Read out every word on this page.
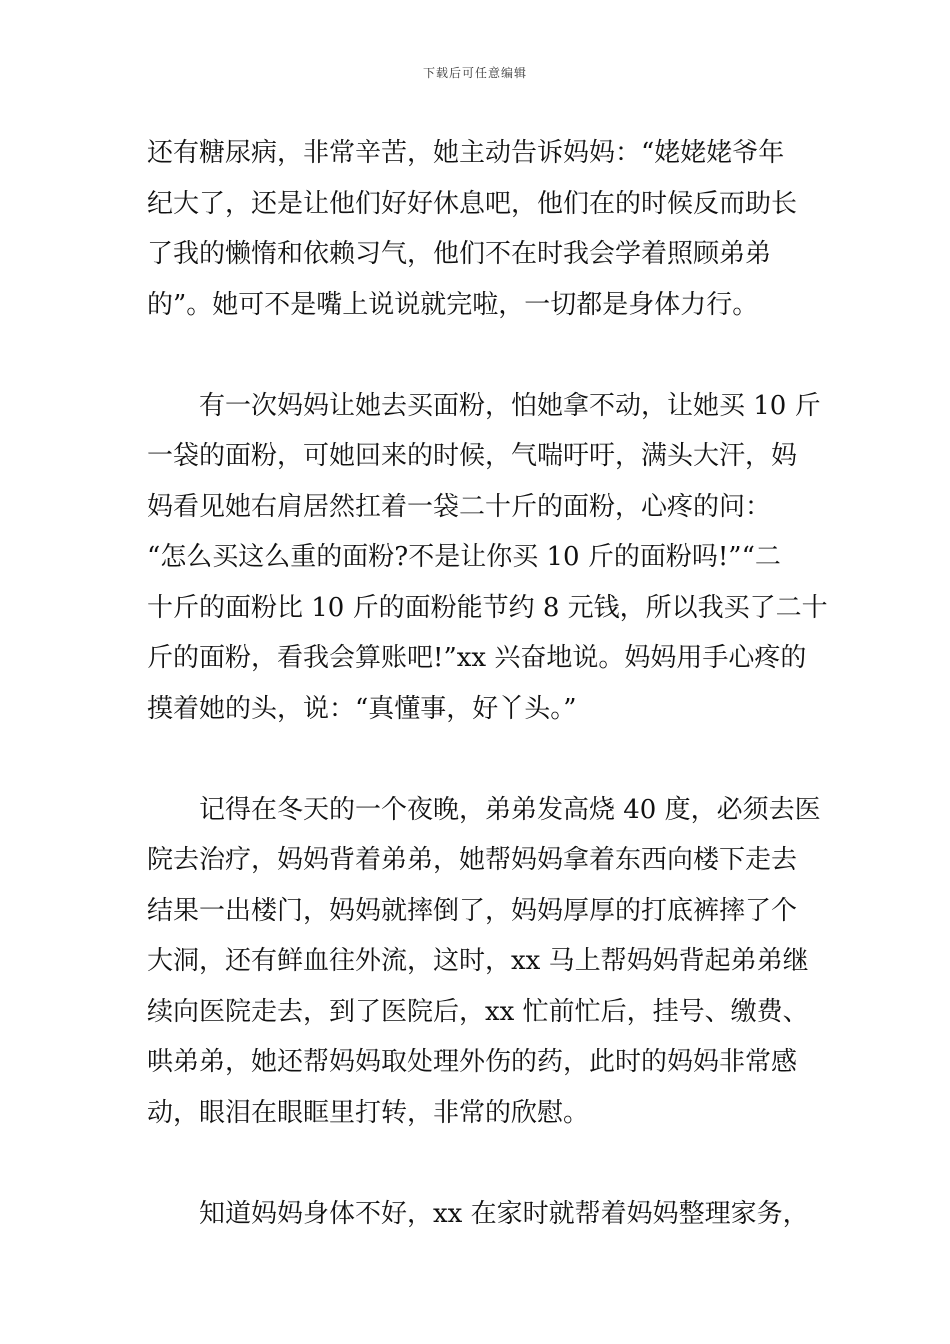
下载后可任意编辑

还有糖尿病，非常辛苦，她主动告诉妈妈：“姥姥姥爷年
纪大了，还是让他们好好休息吧，他们在的时候反而助长
了我的懒惰和依赖习气，他们不在时我会学着照顾弟弟
的”。她可不是嘴上说说就完啦，一切都是身体力行。

有一次妈妈让她去买面粉，怕她拿不动，让她买 10 斤
一袋的面粉，可她回来的时候，气喘吁吁，满头大汗，妈
妈看见她右肩居然扛着一袋二十斤的面粉，心疼的问：
“怎么买这么重的面粉?不是让你买 10 斤的面粉吗!”“二
十斤的面粉比 10 斤的面粉能节约 8 元钱，所以我买了二十
斤的面粉，看我会算账吧!”xx 兴奋地说。妈妈用手心疼的
摸着她的头，说：“真懂事，好丫头。”

记得在冬天的一个夜晚，弟弟发高烧 40 度，必须去医
院去治疗，妈妈背着弟弟，她帮妈妈拿着东西向楼下走去
结果一出楼门，妈妈就摔倒了，妈妈厚厚的打底裤摔了个
大洞，还有鲜血往外流，这时，xx 马上帮妈妈背起弟弟继
续向医院走去，到了医院后，xx 忙前忙后，挂号、缴费、
哄弟弟，她还帮妈妈取处理外伤的药，此时的妈妈非常感
动，眼泪在眼眶里打转，非常的欣慰。

知道妈妈身体不好，xx 在家时就帮着妈妈整理家务，
